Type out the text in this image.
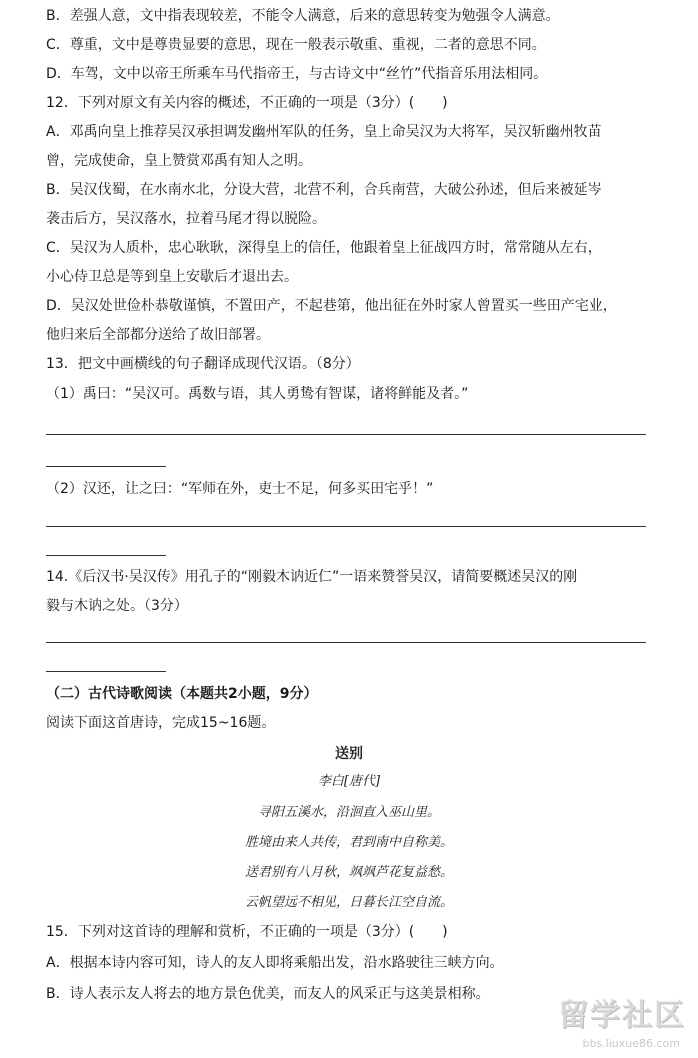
B．差强人意，文中指表现较差，不能令人满意，后来的意思转变为勉强令人满意。
C．尊重，文中是尊贵显要的意思，现在一般表示敬重、重视，二者的意思不同。
D．车驾，文中以帝王所乘车马代指帝王，与古诗文中“丝竹”代指音乐用法相同。
12．下列对原文有关内容的概述，不正确的一项是（3分）(　　)
A．邓禹向皇上推荐吴汉承担调发幽州军队的任务，皇上命吴汉为大将军，吴汉斩幽州牧苗
曾，完成使命，皇上赞赏邓禹有知人之明。
B．吴汉伐蜀，在水南水北，分设大营，北营不利，合兵南营，大破公孙述，但后来被延岑
袭击后方，吴汉落水，拉着马尾才得以脱险。
C．吴汉为人质朴，忠心耿耿，深得皇上的信任，他跟着皇上征战四方时，常常随从左右，
小心侍卫总是等到皇上安歇后才退出去。
D．吴汉处世俭朴恭敬谨慎，不置田产，不起巷第，他出征在外时家人曾置买一些田产宅业，
他归来后全部都分送给了故旧部署。
13．把文中画横线的句子翻译成现代汉语。（8分）
（1）禹曰：“吴汉可。禹数与语，其人勇鸷有智谋，诸将鲜能及者。”
（2）汉还，让之曰：“军师在外，吏士不足，何多买田宅乎！”
14.《后汉书·吴汉传》用孔子的“刚毅木讷近仁”一语来赞誉吴汉，请简要概述吴汉的刚
毅与木讷之处。（3分）
（二）古代诗歌阅读（本题共2小题，9分）
阅读下面这首唐诗，完成15~16题。
送别
李白[唐代]
寻阳五溪水，沿洄直入巫山里。
胜境由来人共传，君到南中自称美。
送君别有八月秋，飒飒芦花复益愁。
云帆望远不相见，日暮长江空自流。
15．下列对这首诗的理解和赏析，不正确的一项是（3分）(　　)
A．根据本诗内容可知，诗人的友人即将乘船出发，沿水路驶往三峡方向。
B．诗人表示友人将去的地方景色优美，而友人的风采正与这美景相称。
留学社区
bbs.liuxue86.com
